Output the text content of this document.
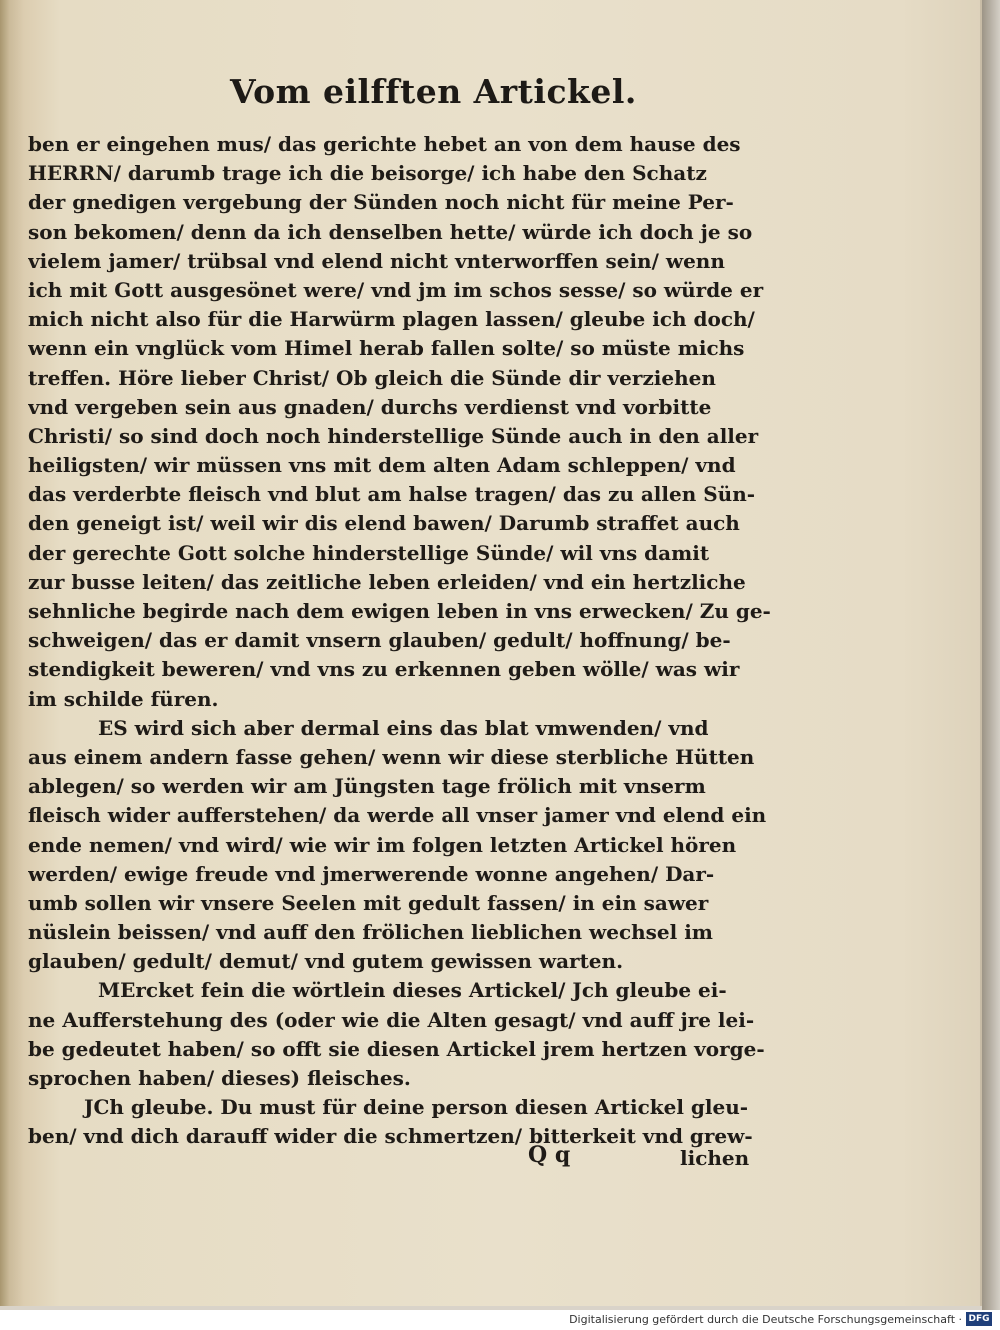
Vom eilfften Artickel.
ben er eingehen mus/ das gerichte hebet an von dem hause des
HERRN/ darumb trage ich die beisorge/ ich habe den Schatz
der gnedigen vergebung der Sünden noch nicht für meine Per-
son bekomen/ denn da ich denselben hette/ würde ich doch je so
vielem jamer/ trübsal vnd elend nicht vnterworffen sein/ wenn
ich mit Gott ausgesönet were/ vnd jm im schos sesse/ so würde er
mich nicht also für die Harwürm plagen lassen/ gleube ich doch/
wenn ein vnglück vom Himel herab fallen solte/ so müste michs
treffen. Höre lieber Christ/ Ob gleich die Sünde dir verziehen
vnd vergeben sein aus gnaden/ durchs verdienst vnd vorbitte
Christi/ so sind doch noch hinderstellige Sünde auch in den aller
heiligsten/ wir müssen vns mit dem alten Adam schleppen/ vnd
das verderbte fleisch vnd blut am halse tragen/ das zu allen Sün-
den geneigt ist/ weil wir dis elend bawen/ Darumb straffet auch
der gerechte Gott solche hinderstellige Sünde/ wil vns damit
zur busse leiten/ das zeitliche leben erleiden/ vnd ein hertzliche
sehnliche begirde nach dem ewigen leben in vns erwecken/ Zu ge-
schweigen/ das er damit vnsern glauben/ gedult/ hoffnung/ be-
stendigkeit beweren/ vnd vns zu erkennen geben wölle/ was wir
im schilde füren.
ES wird sich aber dermal eins das blat vmwenden/ vnd
aus einem andern fasse gehen/ wenn wir diese sterbliche Hütten
ablegen/ so werden wir am Jüngsten tage frölich mit vnserm
fleisch wider aufferstehen/ da werde all vnser jamer vnd elend ein
ende nemen/ vnd wird/ wie wir im folgen letzten Artickel hören
werden/ ewige freude vnd jmerwerende wonne angehen/ Dar-
umb sollen wir vnsere Seelen mit gedult fassen/ in ein sawer
nüslein beissen/ vnd auff den frölichen lieblichen wechsel im
glauben/ gedult/ demut/ vnd gutem gewissen warten.
MErcket fein die wörtlein dieses Artickel/ Jch gleube ei-
ne Aufferstehung des (oder wie die Alten gesagt/ vnd auff jre lei-
be gedeutet haben/ so offt sie diesen Artickel jrem hertzen vorge-
sprochen haben/ dieses) fleisches.
JCh gleube. Du must für deine person diesen Artickel gleu-
ben/ vnd dich darauff wider die schmertzen/ bitterkeit vnd grew-
Q q	lichen
Digitalisierung gefördert durch die Deutsche Forschungsgemeinschaft · DFG
